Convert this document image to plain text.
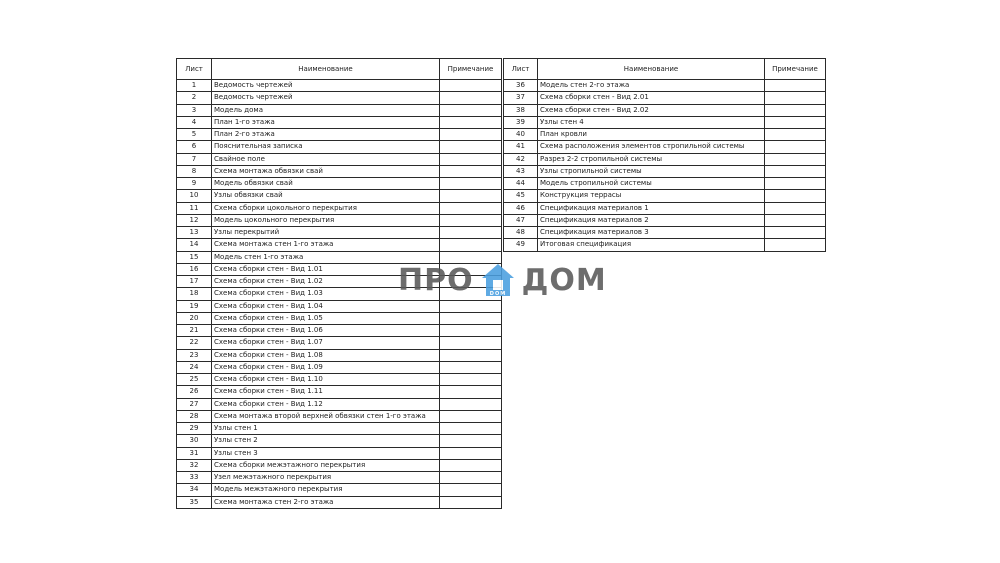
Лист	Наименование	Примечание
1	Ведомость чертежей	
2	Ведомость чертежей	
3	Модель дома	
4	План 1-го этажа	
5	План 2-го этажа	
6	Пояснительная записка	
7	Свайное поле	
8	Схема монтажа обвязки свай	
9	Модель обвязки свай	
10	Узлы обвязки свай	
11	Схема сборки цокольного перекрытия	
12	Модель цокольного перекрытия	
13	Узлы перекрытий	
14	Схема монтажа стен 1-го этажа	
15	Модель стен 1-го этажа	
16	Схема сборки стен - Вид 1.01	
17	Схема сборки стен - Вид 1.02	
18	Схема сборки стен - Вид 1.03	
19	Схема сборки стен - Вид 1.04	
20	Схема сборки стен - Вид 1.05	
21	Схема сборки стен - Вид 1.06	
22	Схема сборки стен - Вид 1.07	
23	Схема сборки стен - Вид 1.08	
24	Схема сборки стен - Вид 1.09	
25	Схема сборки стен - Вид 1.10	
26	Схема сборки стен - Вид 1.11	
27	Схема сборки стен - Вид 1.12	
28	Схема монтажа второй верхней обвязки стен 1-го этажа	
29	Узлы стен 1	
30	Узлы стен 2	
31	Узлы стен 3	
32	Схема сборки межэтажного перекрытия	
33	Узел межэтажного перекрытия	
34	Модель межэтажного перекрытия	
35	Схема монтажа стен 2-го этажа	
Лист	Наименование	Примечание
36	Модель стен 2-го этажа	
37	Схема сборки стен - Вид 2.01	
38	Схема сборки стен - Вид 2.02	
39	Узлы стен 4	
40	План кровли	
41	Схема расположения элементов стропильной системы	
42	Разрез 2-2 стропильной системы	
43	Узлы стропильной системы	
44	Модель стропильной системы	
45	Конструкция террасы	
46	Спецификация материалов 1	
47	Спецификация материалов 2	
48	Спецификация материалов 3	
49	Итоговая спецификация	
ПРО	DOM ДОМ
